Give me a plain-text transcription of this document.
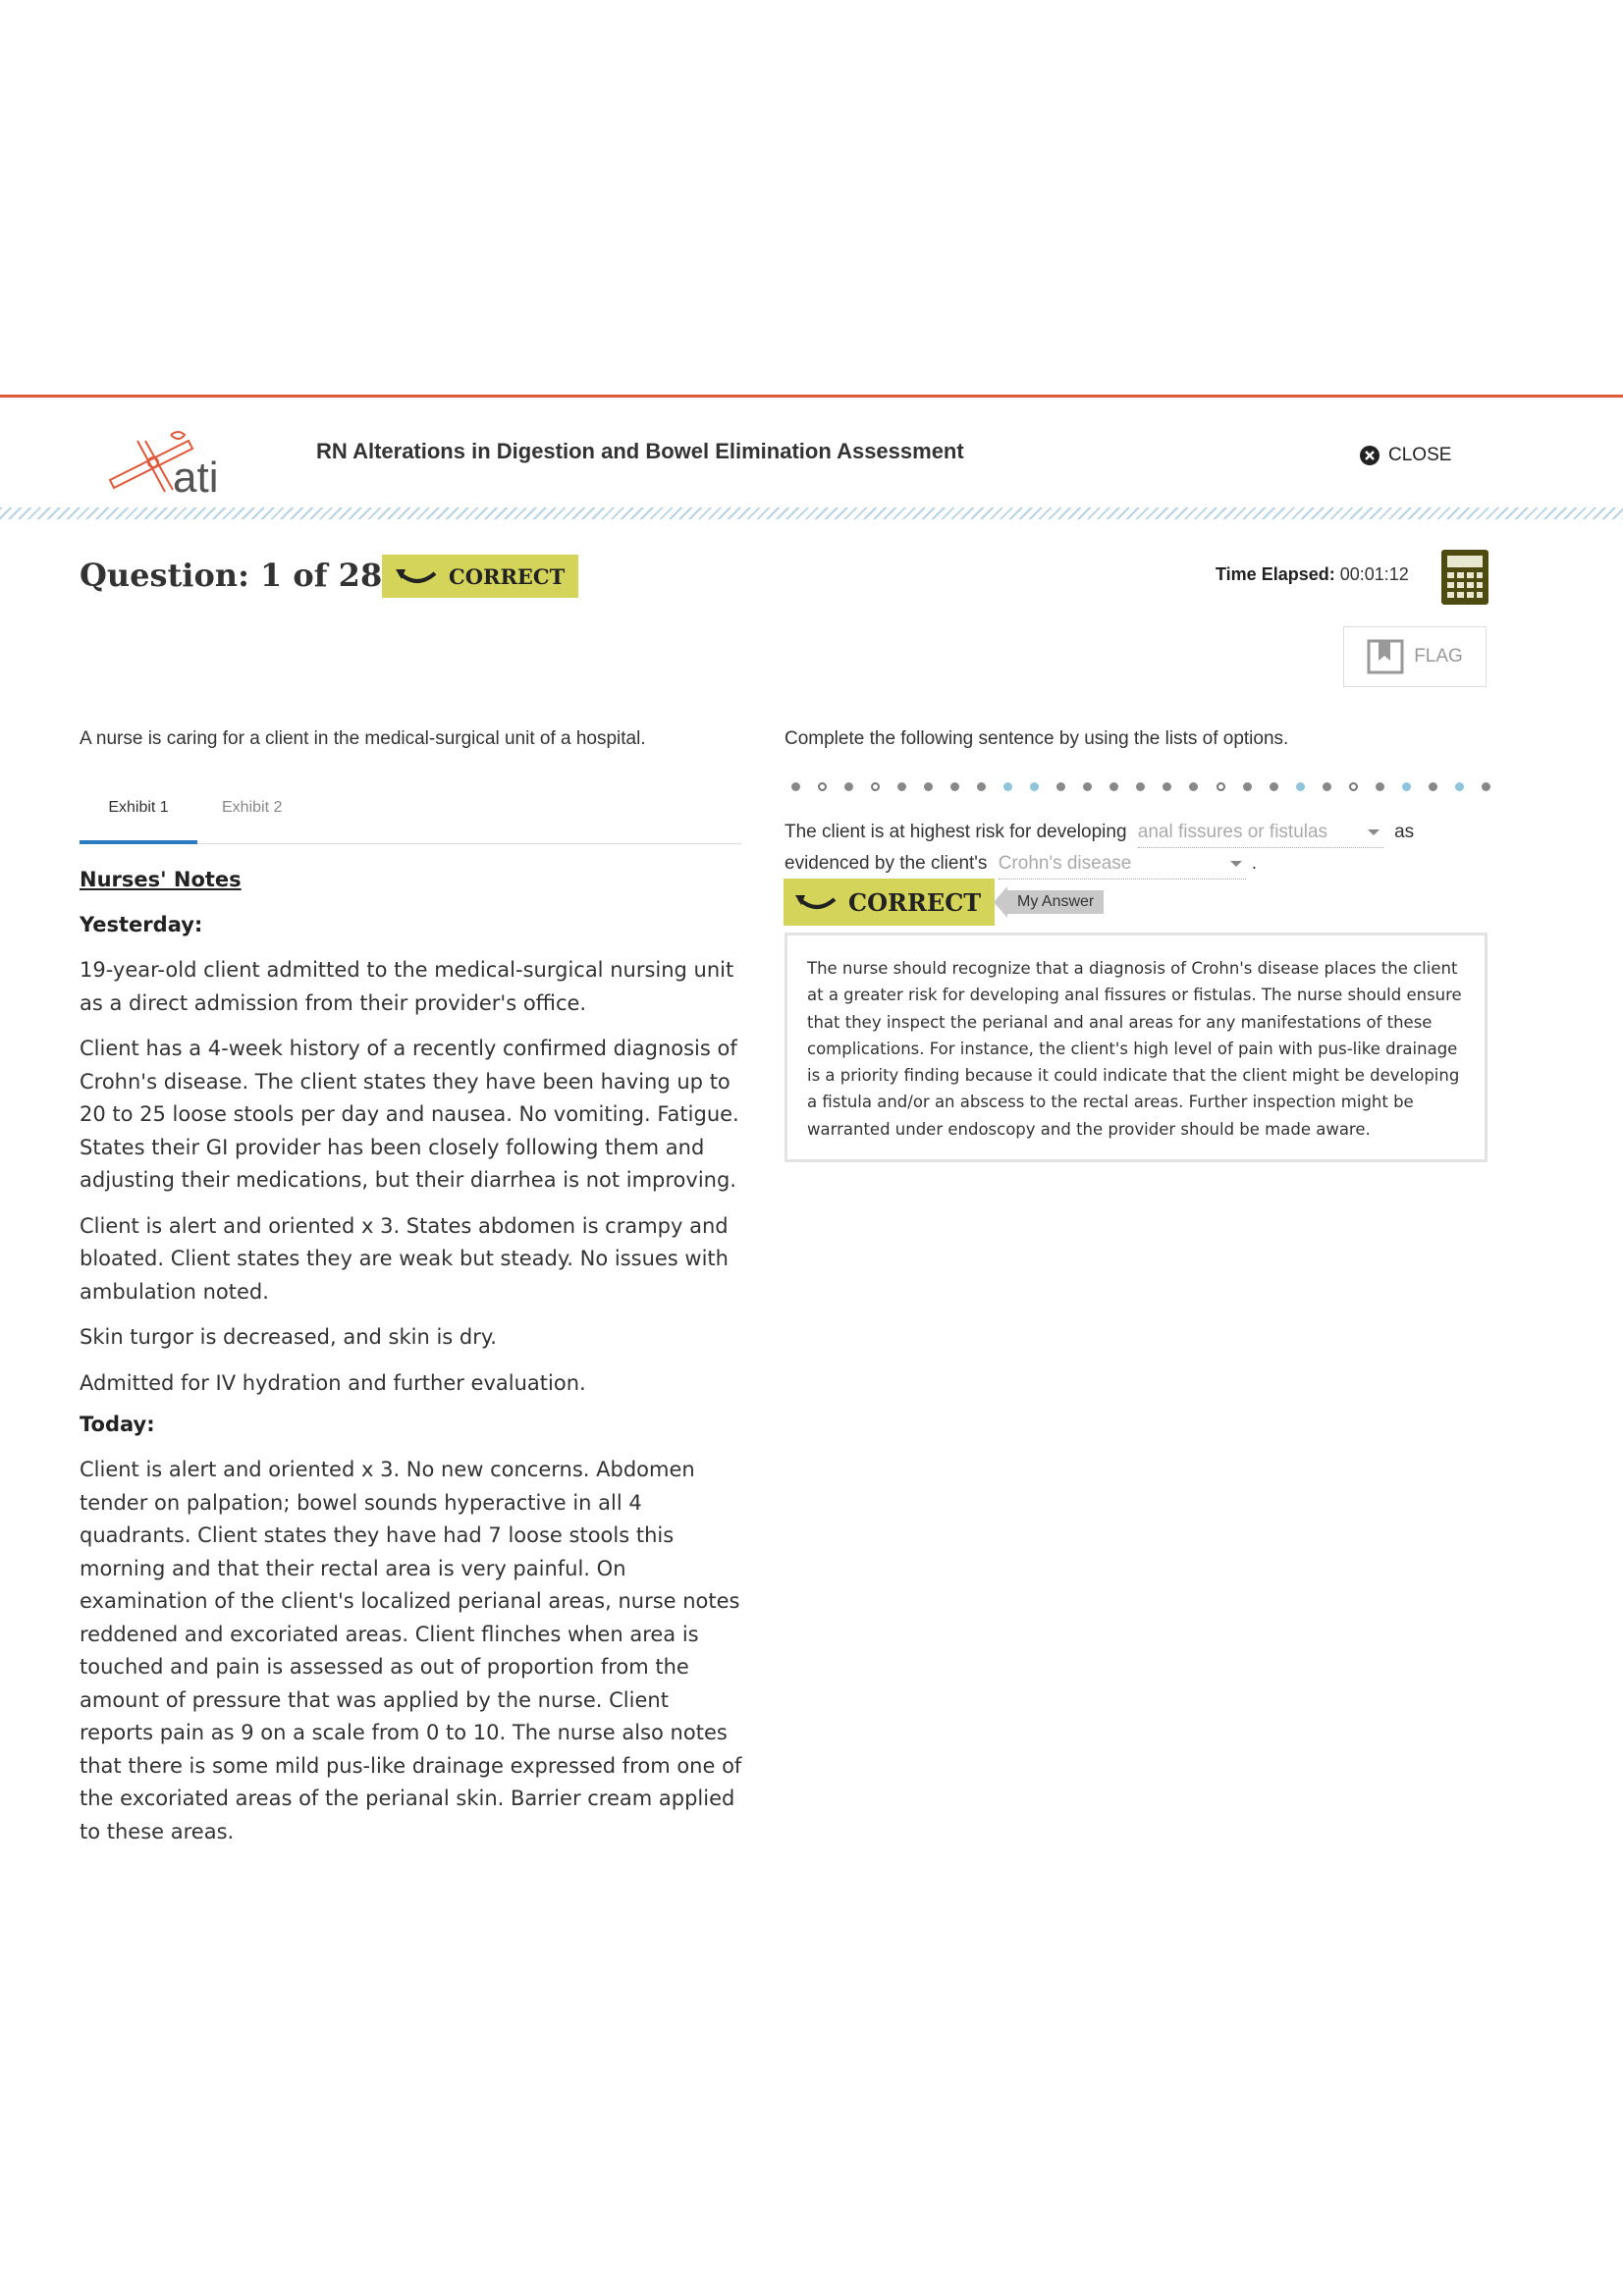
ati
RN Alterations in Digestion and Bowel Elimination Assessment	CLOSE
Question: 1 of 28	CORRECT	Time Elapsed: 00:01:12
FLAG
A nurse is caring for a client in the medical-surgical unit of a hospital.
Exhibit 1	Exhibit 2
Nurses' Notes
Yesterday:

19-year-old client admitted to the medical-surgical nursing unit as a direct admission from their provider's office.

Client has a 4-week history of a recently confirmed diagnosis of Crohn's disease. The client states they have been having up to 20 to 25 loose stools per day and nausea. No vomiting. Fatigue. States their GI provider has been closely following them and adjusting their medications, but their diarrhea is not improving.

Client is alert and oriented x 3. States abdomen is crampy and bloated. Client states they are weak but steady. No issues with ambulation noted.

Skin turgor is decreased, and skin is dry.

Admitted for IV hydration and further evaluation.

Today:

Client is alert and oriented x 3. No new concerns. Abdomen tender on palpation; bowel sounds hyperactive in all 4 quadrants. Client states they have had 7 loose stools this morning and that their rectal area is very painful. On examination of the client's localized perianal areas, nurse notes reddened and excoriated areas. Client flinches when area is touched and pain is assessed as out of proportion from the amount of pressure that was applied by the nurse. Client reports pain as 9 on a scale from 0 to 10. The nurse also notes that there is some mild pus-like drainage expressed from one of the excoriated areas of the perianal skin. Barrier cream applied to these areas.

Complete the following sentence by using the lists of options.
The client is at highest risk for developing anal fissures or fistulas	as evidenced by the client's Crohn's disease	.
CORRECT	My Answer
The nurse should recognize that a diagnosis of Crohn's disease places the client at a greater risk for developing anal fissures or fistulas. The nurse should ensure that they inspect the perianal and anal areas for any manifestations of these complications. For instance, the client's high level of pain with pus-like drainage is a priority finding because it could indicate that the client might be developing a fistula and/or an abscess to the rectal areas. Further inspection might be warranted under endoscopy and the provider should be made aware.
